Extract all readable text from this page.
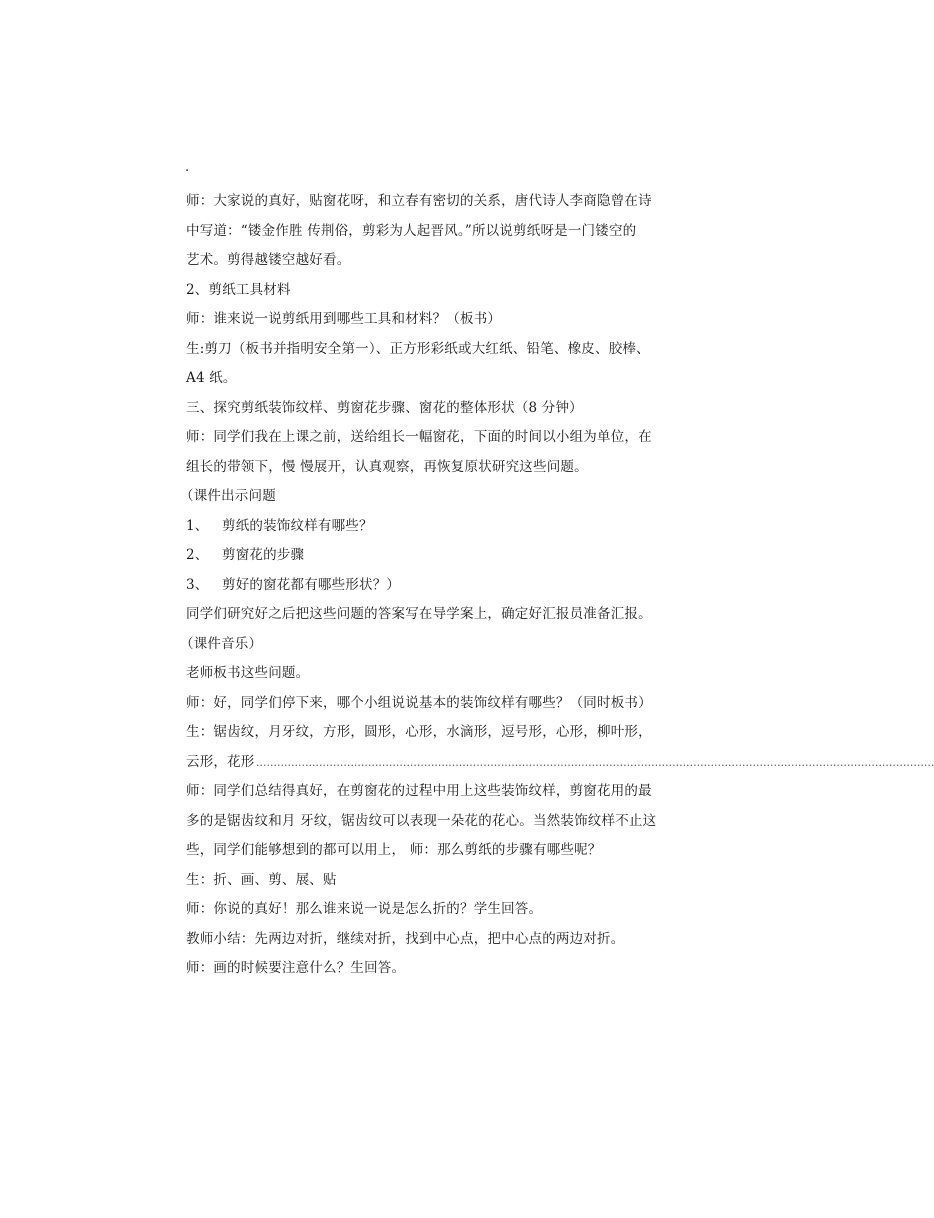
.
师：大家说的真好，贴窗花呀，和立春有密切的关系，唐代诗人李商隐曾在诗
中写道：“镂金作胜 传荆俗，剪彩为人起晋风。”所以说剪纸呀是一门镂空的
艺术。剪得越镂空越好看。
2、剪纸工具材料
师：谁来说一说剪纸用到哪些工具和材料？（板书）
生:剪刀（板书并指明安全第一）、正方形彩纸或大红纸、铅笔、橡皮、胶棒、
A4 纸。
三、探究剪纸装饰纹样、剪窗花步骤、窗花的整体形状（8 分钟）
师：同学们我在上课之前，送给组长一幅窗花，下面的时间以小组为单位，在
组长的带领下，慢 慢展开，认真观察，再恢复原状研究这些问题。
（课件出示问题
1、	剪纸的装饰纹样有哪些？
2、	剪窗花的步骤
3、	剪好的窗花都有哪些形状？）
同学们研究好之后把这些问题的答案写在导学案上，确定好汇报员准备汇报。
（课件音乐）
老师板书这些问题。
师：好，同学们停下来，哪个小组说说基本的装饰纹样有哪些？（同时板书）
生：锯齿纹，月牙纹，方形，圆形，心形，水滴形，逗号形，心形，柳叶形，
云形，花形 ..................................................................................................................................................................................................
师：同学们总结得真好，在剪窗花的过程中用上这些装饰纹样，剪窗花用的最
多的是锯齿纹和月 牙纹，锯齿纹可以表现一朵花的花心。当然装饰纹样不止这
些，同学们能够想到的都可以用上， 师：那么剪纸的步骤有哪些呢？
生：折、画、剪、展、贴
师：你说的真好！那么谁来说一说是怎么折的？学生回答。
教师小结：先两边对折，继续对折，找到中心点，把中心点的两边对折。
师：画的时候要注意什么？生回答。
